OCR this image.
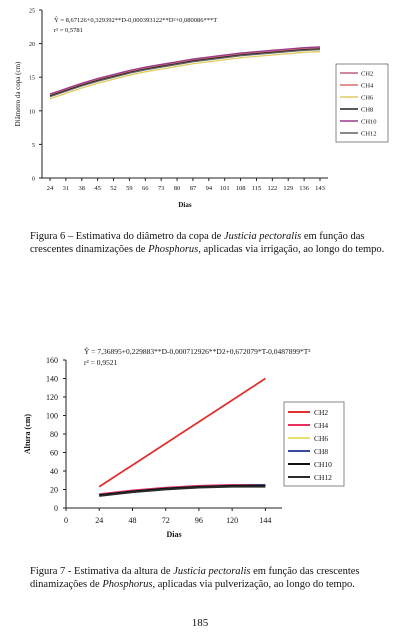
0
5
10
15
20
25
24 31 38 45 52 59 66 73 80 87 94 101 108 115 122 129 136 143
Dias
Diâmetro da copa (cm)
Ŷ = 8,67126+0,329392**D-0,000393122**D²+0,080086***T
r² = 0,5781
CH2
CH4
CH6
CH8
CH10
CH12
Figura 6 – Estimativa do diâmetro da copa de Justicia pectoralis em função das crescentes dinamizações de Phosphorus, aplicadas via irrigação, ao longo do tempo.
0
20
40
60
80
100
120
140
160
0	24	48	72	96	120	144
Dias
Altura (cm)
Ŷ = 7,36895+0,229883**D-0,000712926**D2+0,672079*T-0,0487899*T²
r² = 0,9521
CH2
CH4
CH6
CH8
CH10
CH12
Figura 7 - Estimativa da altura de Justicia pectoralis em função das crescentes dinamizações de Phosphorus, aplicadas via pulverização, ao longo do tempo.
185
